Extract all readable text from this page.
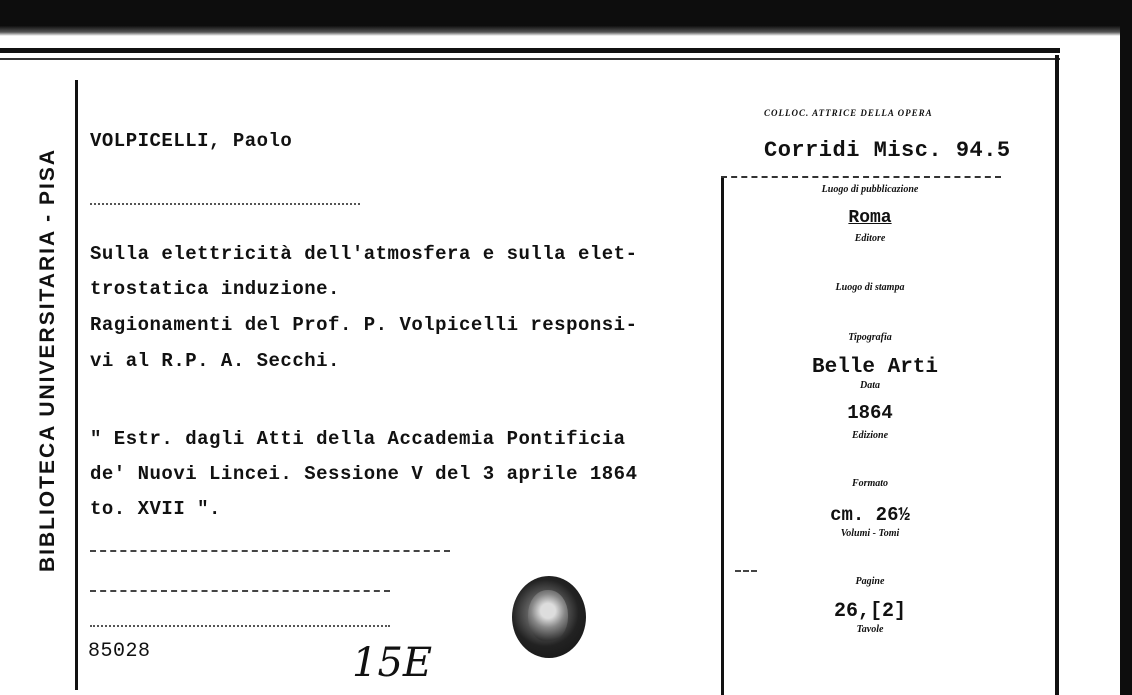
BIBLIOTECA UNIVERSITARIA - PISA
COLLOC. ATTRICE DELLA OPERA
Corridi Misc. 94.5
VOLPICELLI, Paolo
Sulla elettricità dell'atmosfera e sulla elet-
trostatica induzione.
Ragionamenti del Prof. P. Volpicelli responsi-
vi al R.P. A. Secchi.
" Estr. dagli Atti della Accademia Pontificia
de' Nuovi Lincei. Sessione V del 3 aprile 1864
to. XVII ".
85028	15E
Luogo di pubblicazione
Roma
Editore
Luogo di stampa
Tipografia
Belle Arti
Data
1864
Edizione
Formato
cm. 26½
Volumi - Tomi
Pagine
26,[2]
Tavole
